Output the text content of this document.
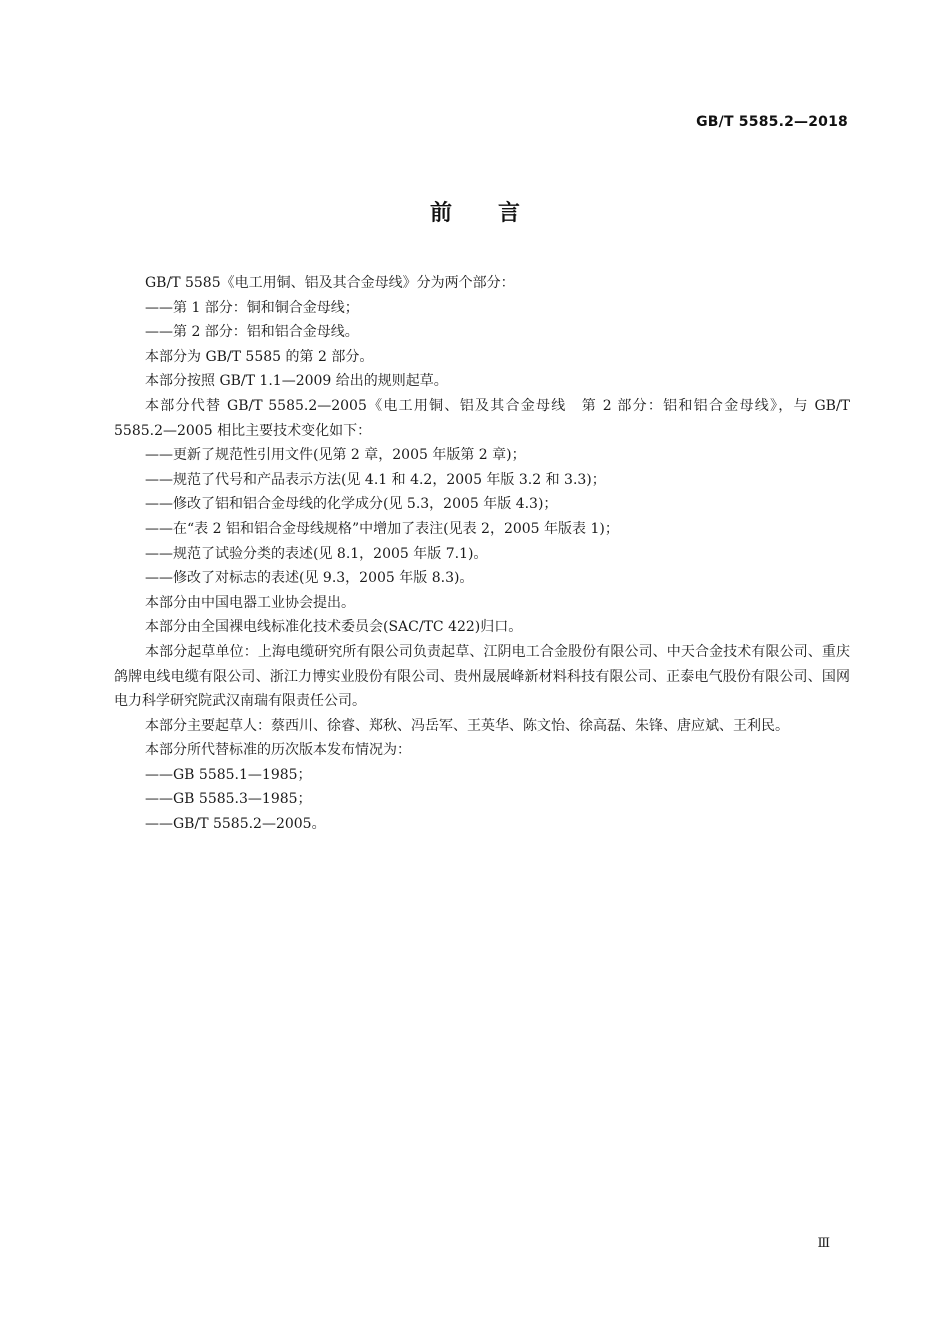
GB/T 5585.2—2018
前言

GB/T 5585《电工用铜、铝及其合金母线》分为两个部分：

——第 1 部分：铜和铜合金母线；

——第 2 部分：铝和铝合金母线。

本部分为 GB/T 5585 的第 2 部分。

本部分按照 GB/T 1.1—2009 给出的规则起草。

本部分代替 GB/T 5585.2—2005《电工用铜、铝及其合金母线　第 2 部分：铝和铝合金母线》，与 GB/T 5585.2—2005 相比主要技术变化如下：

——更新了规范性引用文件(见第 2 章，2005 年版第 2 章)；

——规范了代号和产品表示方法(见 4.1 和 4.2，2005 年版 3.2 和 3.3)；

——修改了铝和铝合金母线的化学成分(见 5.3，2005 年版 4.3)；

——在“表 2 铝和铝合金母线规格”中增加了表注(见表 2，2005 年版表 1)；

——规范了试验分类的表述(见 8.1，2005 年版 7.1)。

——修改了对标志的表述(见 9.3，2005 年版 8.3)。

本部分由中国电器工业协会提出。

本部分由全国裸电线标准化技术委员会(SAC/TC 422)归口。

本部分起草单位：上海电缆研究所有限公司负责起草、江阴电工合金股份有限公司、中天合金技术有限公司、重庆鸽牌电线电缆有限公司、浙江力博实业股份有限公司、贵州晟展峰新材料科技有限公司、正泰电气股份有限公司、国网电力科学研究院武汉南瑞有限责任公司。

本部分主要起草人：蔡西川、徐睿、郑秋、冯岳军、王英华、陈文怡、徐高磊、朱锋、唐应斌、王利民。

本部分所代替标准的历次版本发布情况为：

——GB 5585.1—1985；

——GB 5585.3—1985；

——GB/T 5585.2—2005。

Ⅲ
